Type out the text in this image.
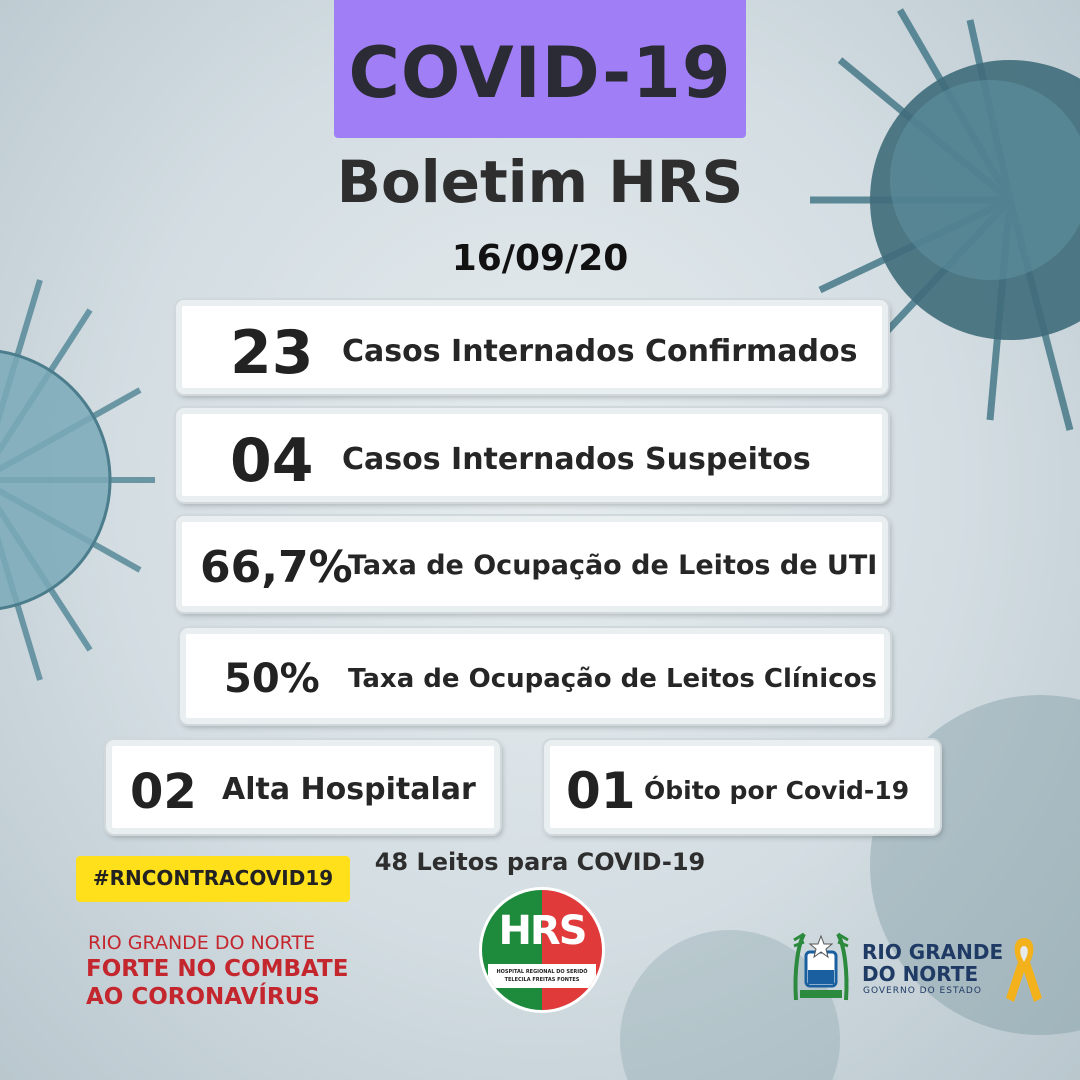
COVID-19
Boletim HRS
16/09/20
23 Casos Internados Confirmados
04 Casos Internados Suspeitos
66,7%
Taxa de Ocupação de Leitos de UTI
50% Taxa de Ocupação de Leitos Clínicos
02 Alta Hospitalar 01 Óbito por Covid-19
48 Leitos para COVID-19
#RNCONTRACOVID19
RIO GRANDE DO NORTE
FORTE NO COMBATE
AO CORONAVÍRUS
HRS
HOSPITAL REGIONAL DO SERIDÓ
TELECILA FREITAS FONTES
RIO GRANDE
DO NORTE
GOVERNO DO ESTADO
